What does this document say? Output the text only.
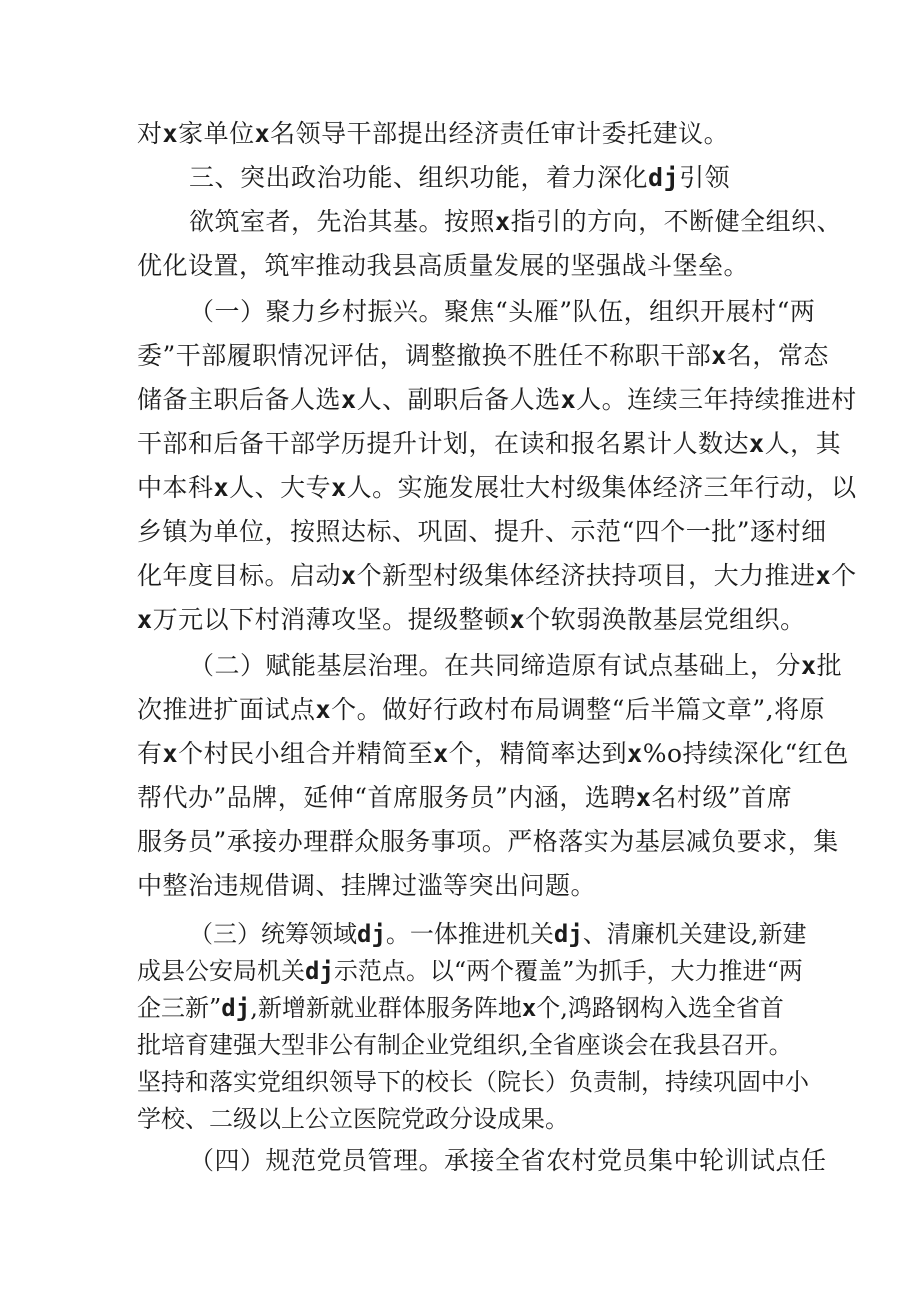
对x家单位x名领导干部提出经济责任审计委托建议。
三、突出政治功能、组织功能，着力深化dj引领
欲筑室者，先治其基。按照x指引的方向，不断健全组织、
优化设置，筑牢推动我县高质量发展的坚强战斗堡垒。
（一）聚力乡村振兴。聚焦“头雁”队伍，组织开展村“两
委”干部履职情况评估，调整撤换不胜任不称职干部x名，常态
储备主职后备人选x人、副职后备人选x人。连续三年持续推进村
干部和后备干部学历提升计划，在读和报名累计人数达x人，其
中本科x人、大专x人。实施发展壮大村级集体经济三年行动，以
乡镇为单位，按照达标、巩固、提升、示范“四个一批”逐村细
化年度目标。启动x个新型村级集体经济扶持项目，大力推进x个
x万元以下村消薄攻坚。提级整顿x个软弱涣散基层党组织。
（二）赋能基层治理。在共同缔造原有试点基础上，分x批
次推进扩面试点x个。做好行政村布局调整“后半篇文章”,将原
有x个村民小组合并精简至x个，精简率达到x%o持续深化“红色
帮代办”品牌，延伸“首席服务员”内涵，选聘x名村级”首席
服务员”承接办理群众服务事项。严格落实为基层减负要求，集
中整治违规借调、挂牌过滥等突出问题。
（三）统筹领域dj。一体推进机关dj、清廉机关建设,新建
成县公安局机关dj示范点。以“两个覆盖”为抓手，大力推进“两
企三新”dj,新增新就业群体服务阵地x个,鸿路钢构入选全省首
批培育建强大型非公有制企业党组织,全省座谈会在我县召开。
坚持和落实党组织领导下的校长（院长）负责制，持续巩固中小
学校、二级以上公立医院党政分设成果。
（四）规范党员管理。承接全省农村党员集中轮训试点任
